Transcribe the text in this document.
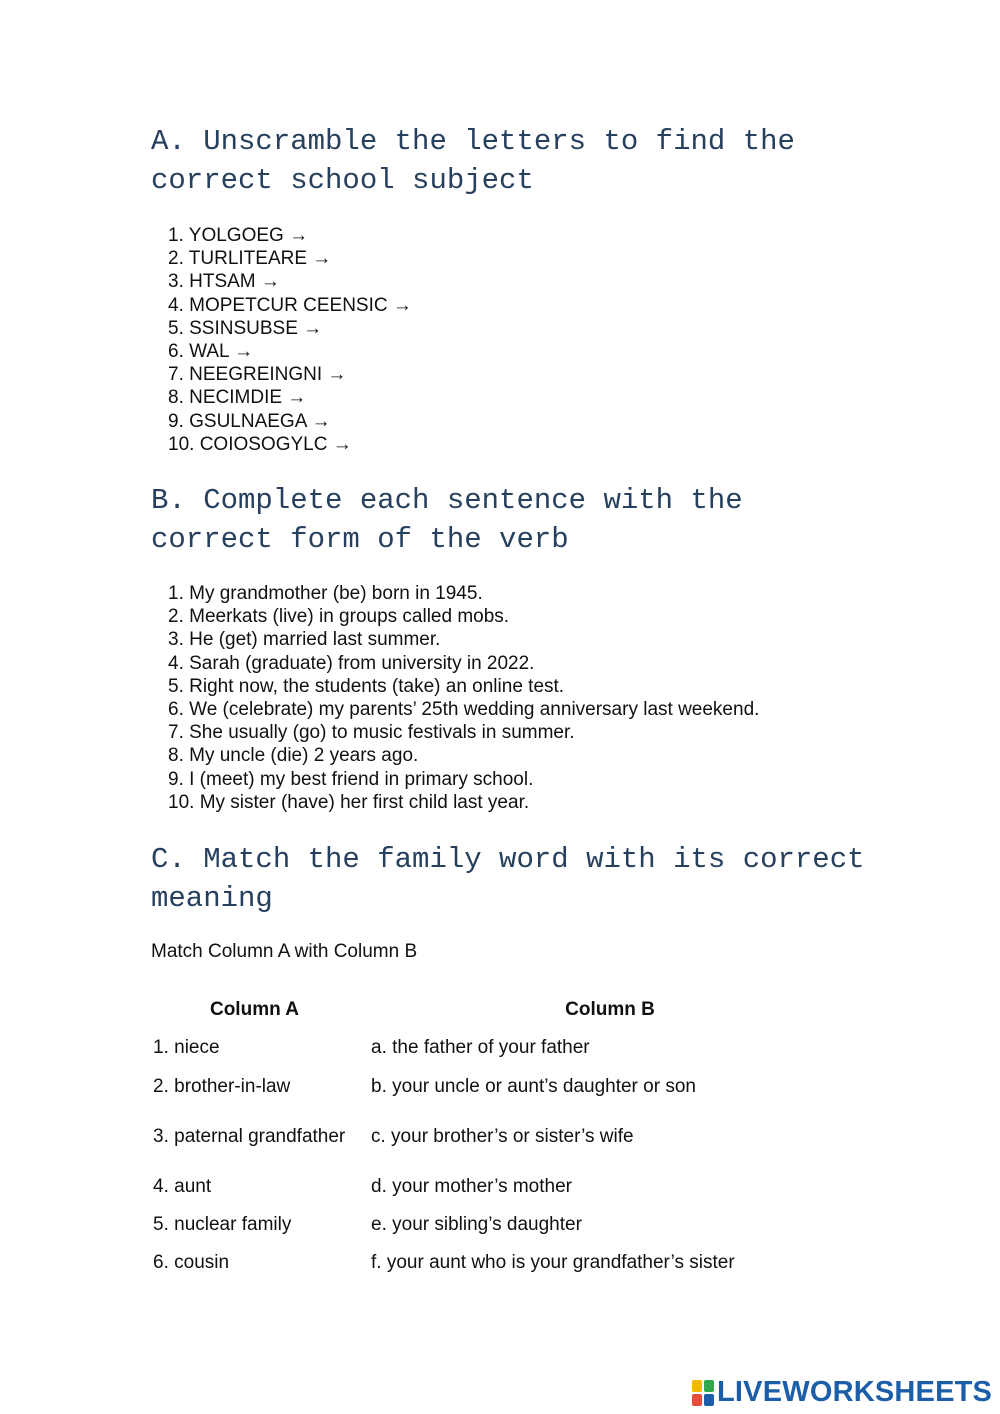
A. Unscramble the letters to find the correct school subject
1. YOLGOEG →
2. TURLITEARE →
3. HTSAM →
4. MOPETCUR CEENSIC →
5. SSINSUBSE →
6. WAL →
7. NEEGREINGNI →
8. NECIMDIE →
9. GSULNAEGA →
10. COIOSOGYLC →
B. Complete each sentence with the correct form of the verb
1. My grandmother (be) born in 1945.
2. Meerkats (live) in groups called mobs.
3. He (get) married last summer.
4. Sarah (graduate) from university in 2022.
5. Right now, the students (take) an online test.
6. We (celebrate) my parents’ 25th wedding anniversary last weekend.
7. She usually (go) to music festivals in summer.
8. My uncle (die) 2 years ago.
9. I (meet) my best friend in primary school.
10. My sister (have) her first child last year.
C. Match the family word with its correct meaning
Match Column A with Column B
Column A	Column B
1. niece	a. the father of your father
2. brother-in-law	b. your uncle or aunt’s daughter or son
3. paternal grandfather	c. your brother’s or sister’s wife
4. aunt	d. your mother’s mother
5. nuclear family	e. your sibling’s daughter
6. cousin	f. your aunt who is your grandfather’s sister
LIVEWORKSHEETS
